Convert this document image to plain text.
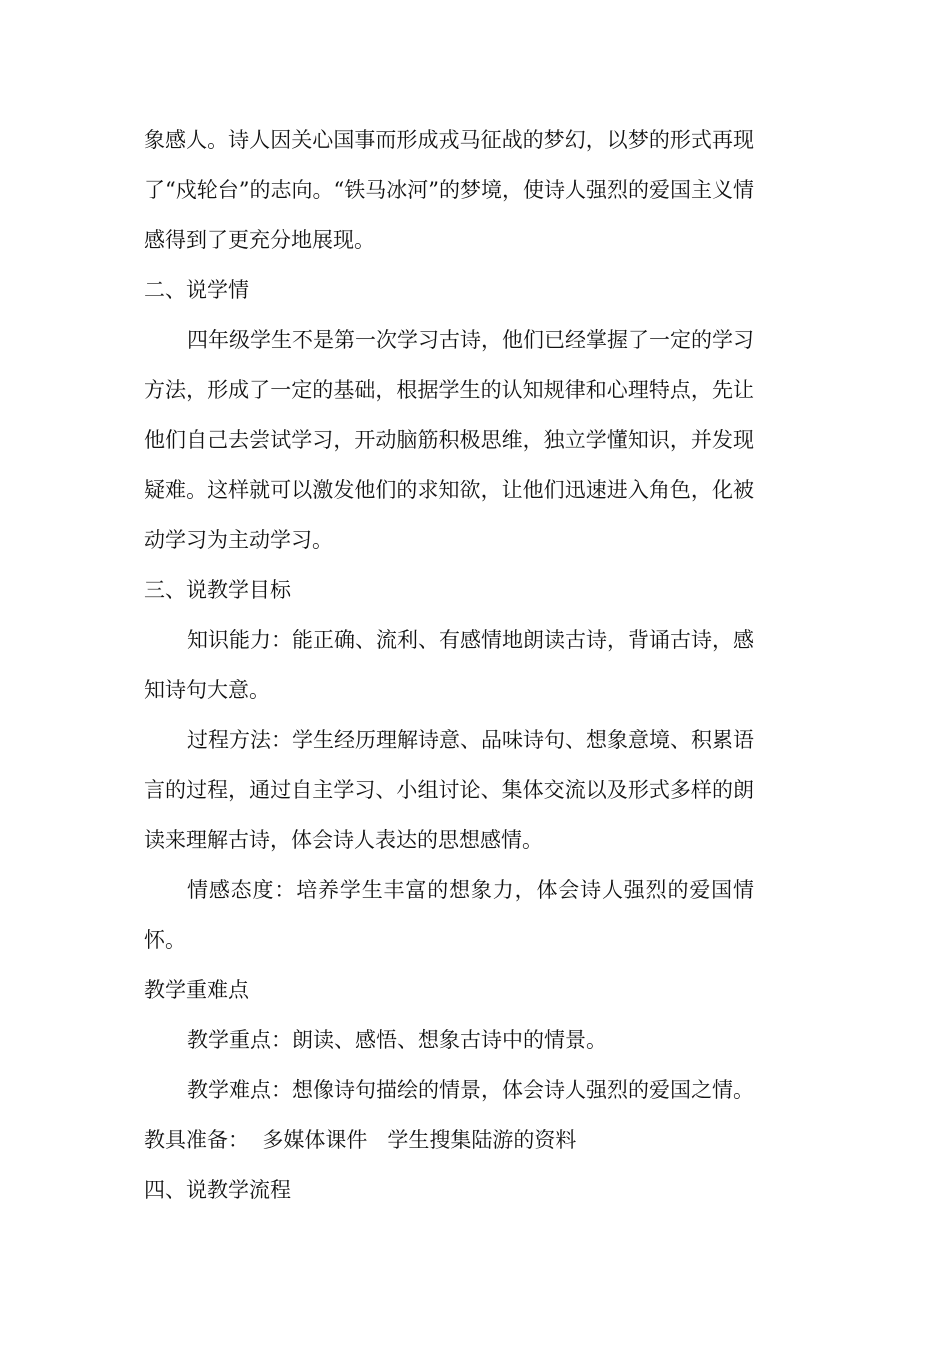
象感人。诗人因关心国事而形成戎马征战的梦幻，以梦的形式再现了“戍轮台”的志向。“铁马冰河”的梦境，使诗人强烈的爱国主义情感得到了更充分地展现。

二、说学情

四年级学生不是第一次学习古诗，他们已经掌握了一定的学习方法，形成了一定的基础，根据学生的认知规律和心理特点，先让他们自己去尝试学习，开动脑筋积极思维，独立学懂知识，并发现疑难。这样就可以激发他们的求知欲，让他们迅速进入角色，化被动学习为主动学习。

三、说教学目标

知识能力：能正确、流利、有感情地朗读古诗，背诵古诗，感知诗句大意。

过程方法：学生经历理解诗意、品味诗句、想象意境、积累语言的过程，通过自主学习、小组讨论、集体交流以及形式多样的朗读来理解古诗，体会诗人表达的思想感情。

情感态度：培养学生丰富的想象力，体会诗人强烈的爱国情怀。

教学重难点

教学重点：朗读、感悟、想象古诗中的情景。

教学难点：想像诗句描绘的情景，体会诗人强烈的爱国之情。

教具准备：  多媒体课件   学生搜集陆游的资料

四、说教学流程
